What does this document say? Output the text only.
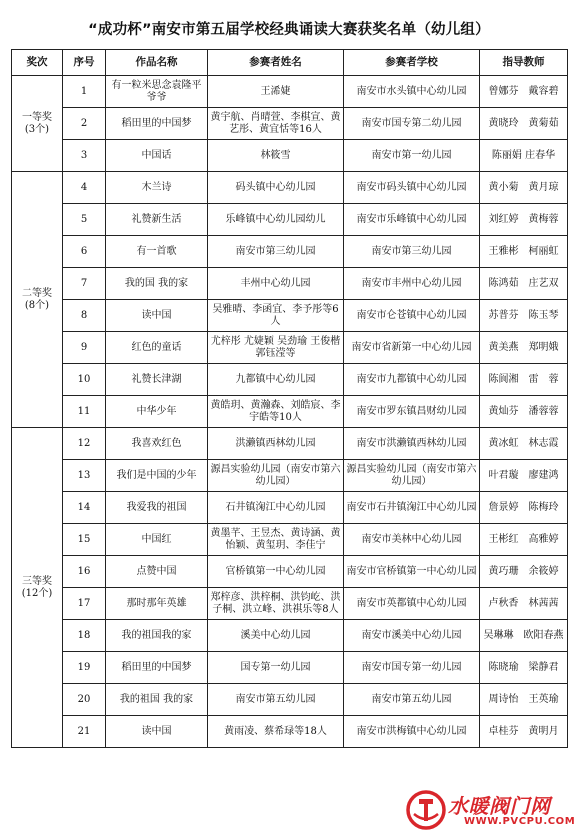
“成功杯”南安市第五届学校经典诵读大赛获奖名单（幼儿组）
奖次	序号	作品名称	参赛者姓名	参赛者学校	指导教师

一等奖
(3个)	1	有一粒米思念袁隆平爷爷	王浠婕	南安市水头镇中心幼儿园	曾娜芬　戴容碧
	2	稻田里的中国梦	黄宇航、肖晴萱、李棋宣、黄艺彤、黄宜恬等16人	南安市国专第二幼儿园	黄晓玲　黄菊茹
	3	中国话	林筱雪	南安市第一幼儿园	陈丽娟 庄春华

二等奖
(8个)	4	木兰诗	码头镇中心幼儿园	南安市码头镇中心幼儿园	黄小菊　黄月琼
	5	礼赞新生活	乐峰镇中心幼儿园幼儿	南安市乐峰镇中心幼儿园	刘红婷　黄梅蓉
	6	有一首歌	南安市第三幼儿园	南安市第三幼儿园	王雅彬　柯丽虹
	7	我的国 我的家	丰州中心幼儿园	南安市丰州中心幼儿园	陈鸿茹　庄艺双
	8	读中国	吴雅晴、李函宜、李予彤等6人	南安市仑苍镇中心幼儿园	苏普芬　陈玉琴
	9	红色的童话	尤梓彤 尤婕颖 吴劲瑜 王俊楷 郭钰滢等	南安市省新第一中心幼儿园	黄美燕　郑明娥
	10	礼赞长津湖	九都镇中心幼儿园	南安市九都镇中心幼儿园	陈阆湘　雷　蓉
	11	中华少年	黄皓玥、黄瀚森、刘皓宸、李宇皓等10人	南安市罗东镇昌财幼儿园	黄灿芬　潘蓉蓉

三等奖
(12个)	12	我喜欢红色	洪濑镇西林幼儿园	南安市洪濑镇西林幼儿园	黄冰虹　林志霞
	13	我们是中国的少年	源昌实验幼儿园（南安市第六幼儿园）	源昌实验幼儿园（南安市第六幼儿园）	叶君璇　廖建鸿
	14	我爱我的祖国	石井镇淗江中心幼儿园	南安市石井镇淗江中心幼儿园	詹景婷　陈梅玲
	15	中国红	黄墨芊、王昱杰、黄诗涵、黄怡颖、黄玺玥、李佳宁	南安市美林中心幼儿园	王彬红　高雅婷
	16	点赞中国	官桥镇第一中心幼儿园	南安市官桥镇第一中心幼儿园	黄巧珊　余筱婷
	17	那时那年英雄	郑梓彦、洪梓桐、洪钧屹、洪子桐、洪立峰、洪祺乐等8人	南安市英都镇中心幼儿园	卢秋香　林茜茜
	18	我的祖国我的家	溪美中心幼儿园	南安市溪美中心幼儿园	吴琳琳　欧阳春燕
	19	稻田里的中国梦	国专第一幼儿园	南安市国专第一幼儿园	陈晓瑜　梁静君
	20	我的祖国 我的家	南安市第五幼儿园	南安市第五幼儿园	周诗怡　王英瑜
	21	读中国	黄雨凌、蔡希琭等18人	南安市洪梅镇中心幼儿园	卓桂芬　黄明月
水暖阀门网
WWW.PVCPU.COM
